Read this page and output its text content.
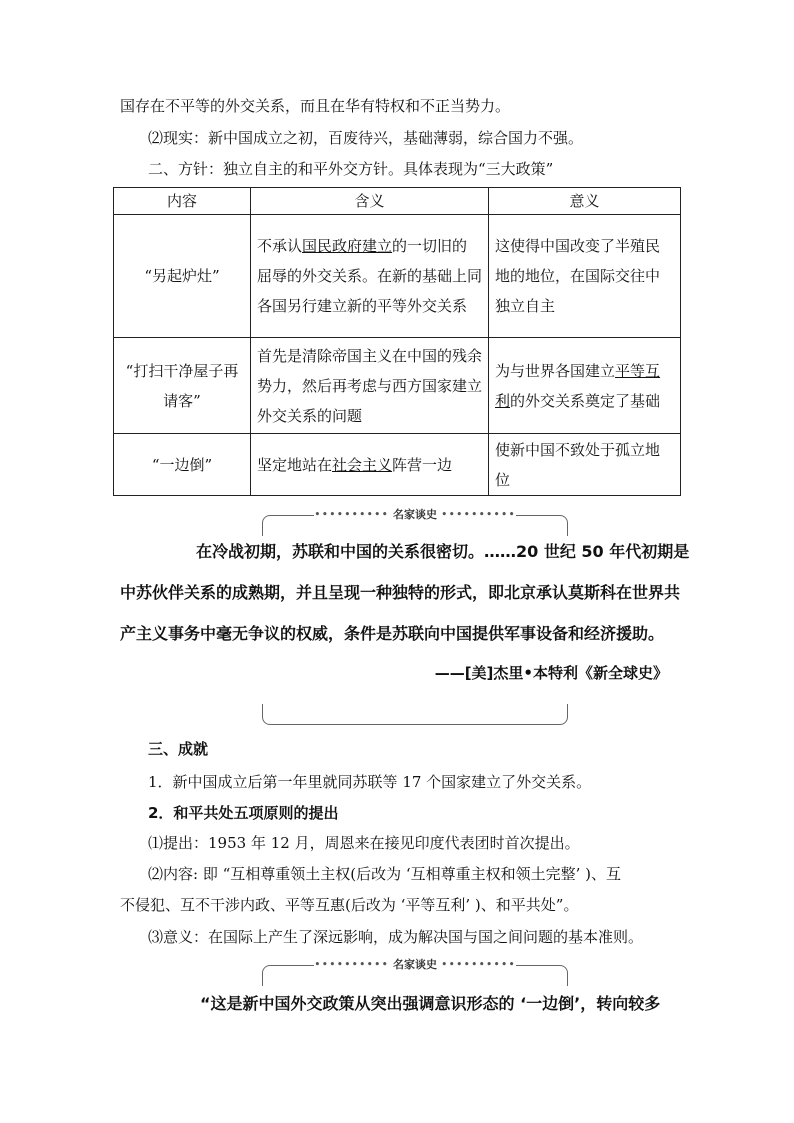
国存在不平等的外交关系，而且在华有特权和不正当势力。
⑵现实：新中国成立之初，百废待兴，基础薄弱，综合国力不强。
二、方针：独立自主的和平外交方针。具体表现为“三大政策”
内容	含义	意义
“另起炉灶”	不承认国民政府建立的一切旧的屈辱的外交关系。在新的基础上同各国另行建立新的平等外交关系	这使得中国改变了半殖民地的地位，在国际交往中独立自主
“打扫干净屋子再请客”	首先是清除帝国主义在中国的残余势力，然后再考虑与西方国家建立外交关系的问题	为与世界各国建立平等互利的外交关系奠定了基础
“一边倒”	坚定地站在社会主义阵营一边	使新中国不致处于孤立地位
•••••••••• 名家谈史 ••••••••••
在冷战初期，苏联和中国的关系很密切。……20 世纪 50 年代初期是
中苏伙伴关系的成熟期，并且呈现一种独特的形式，即北京承认莫斯科在世界共
产主义事务中毫无争议的权威，条件是苏联向中国提供军事设备和经济援助。
——[美]杰里•本特利《新全球史》
三、成就
1．新中国成立后第一年里就同苏联等 17 个国家建立了外交关系。
2．和平共处五项原则的提出
⑴提出：1953 年 12 月，周恩来在接见印度代表团时首次提出。
⑵内容: 即 “互相尊重领土主权(后改为 ‘互相尊重主权和领土完整’ )、互
不侵犯、互不干涉内政、平等互惠(后改为 ‘平等互利’ )、和平共处”。
⑶意义：在国际上产生了深远影响，成为解决国与国之间问题的基本准则。
•••••••••• 名家谈史 ••••••••••
“这是新中国外交政策从突出强调意识形态的 ‘一边倒’，转向较多
